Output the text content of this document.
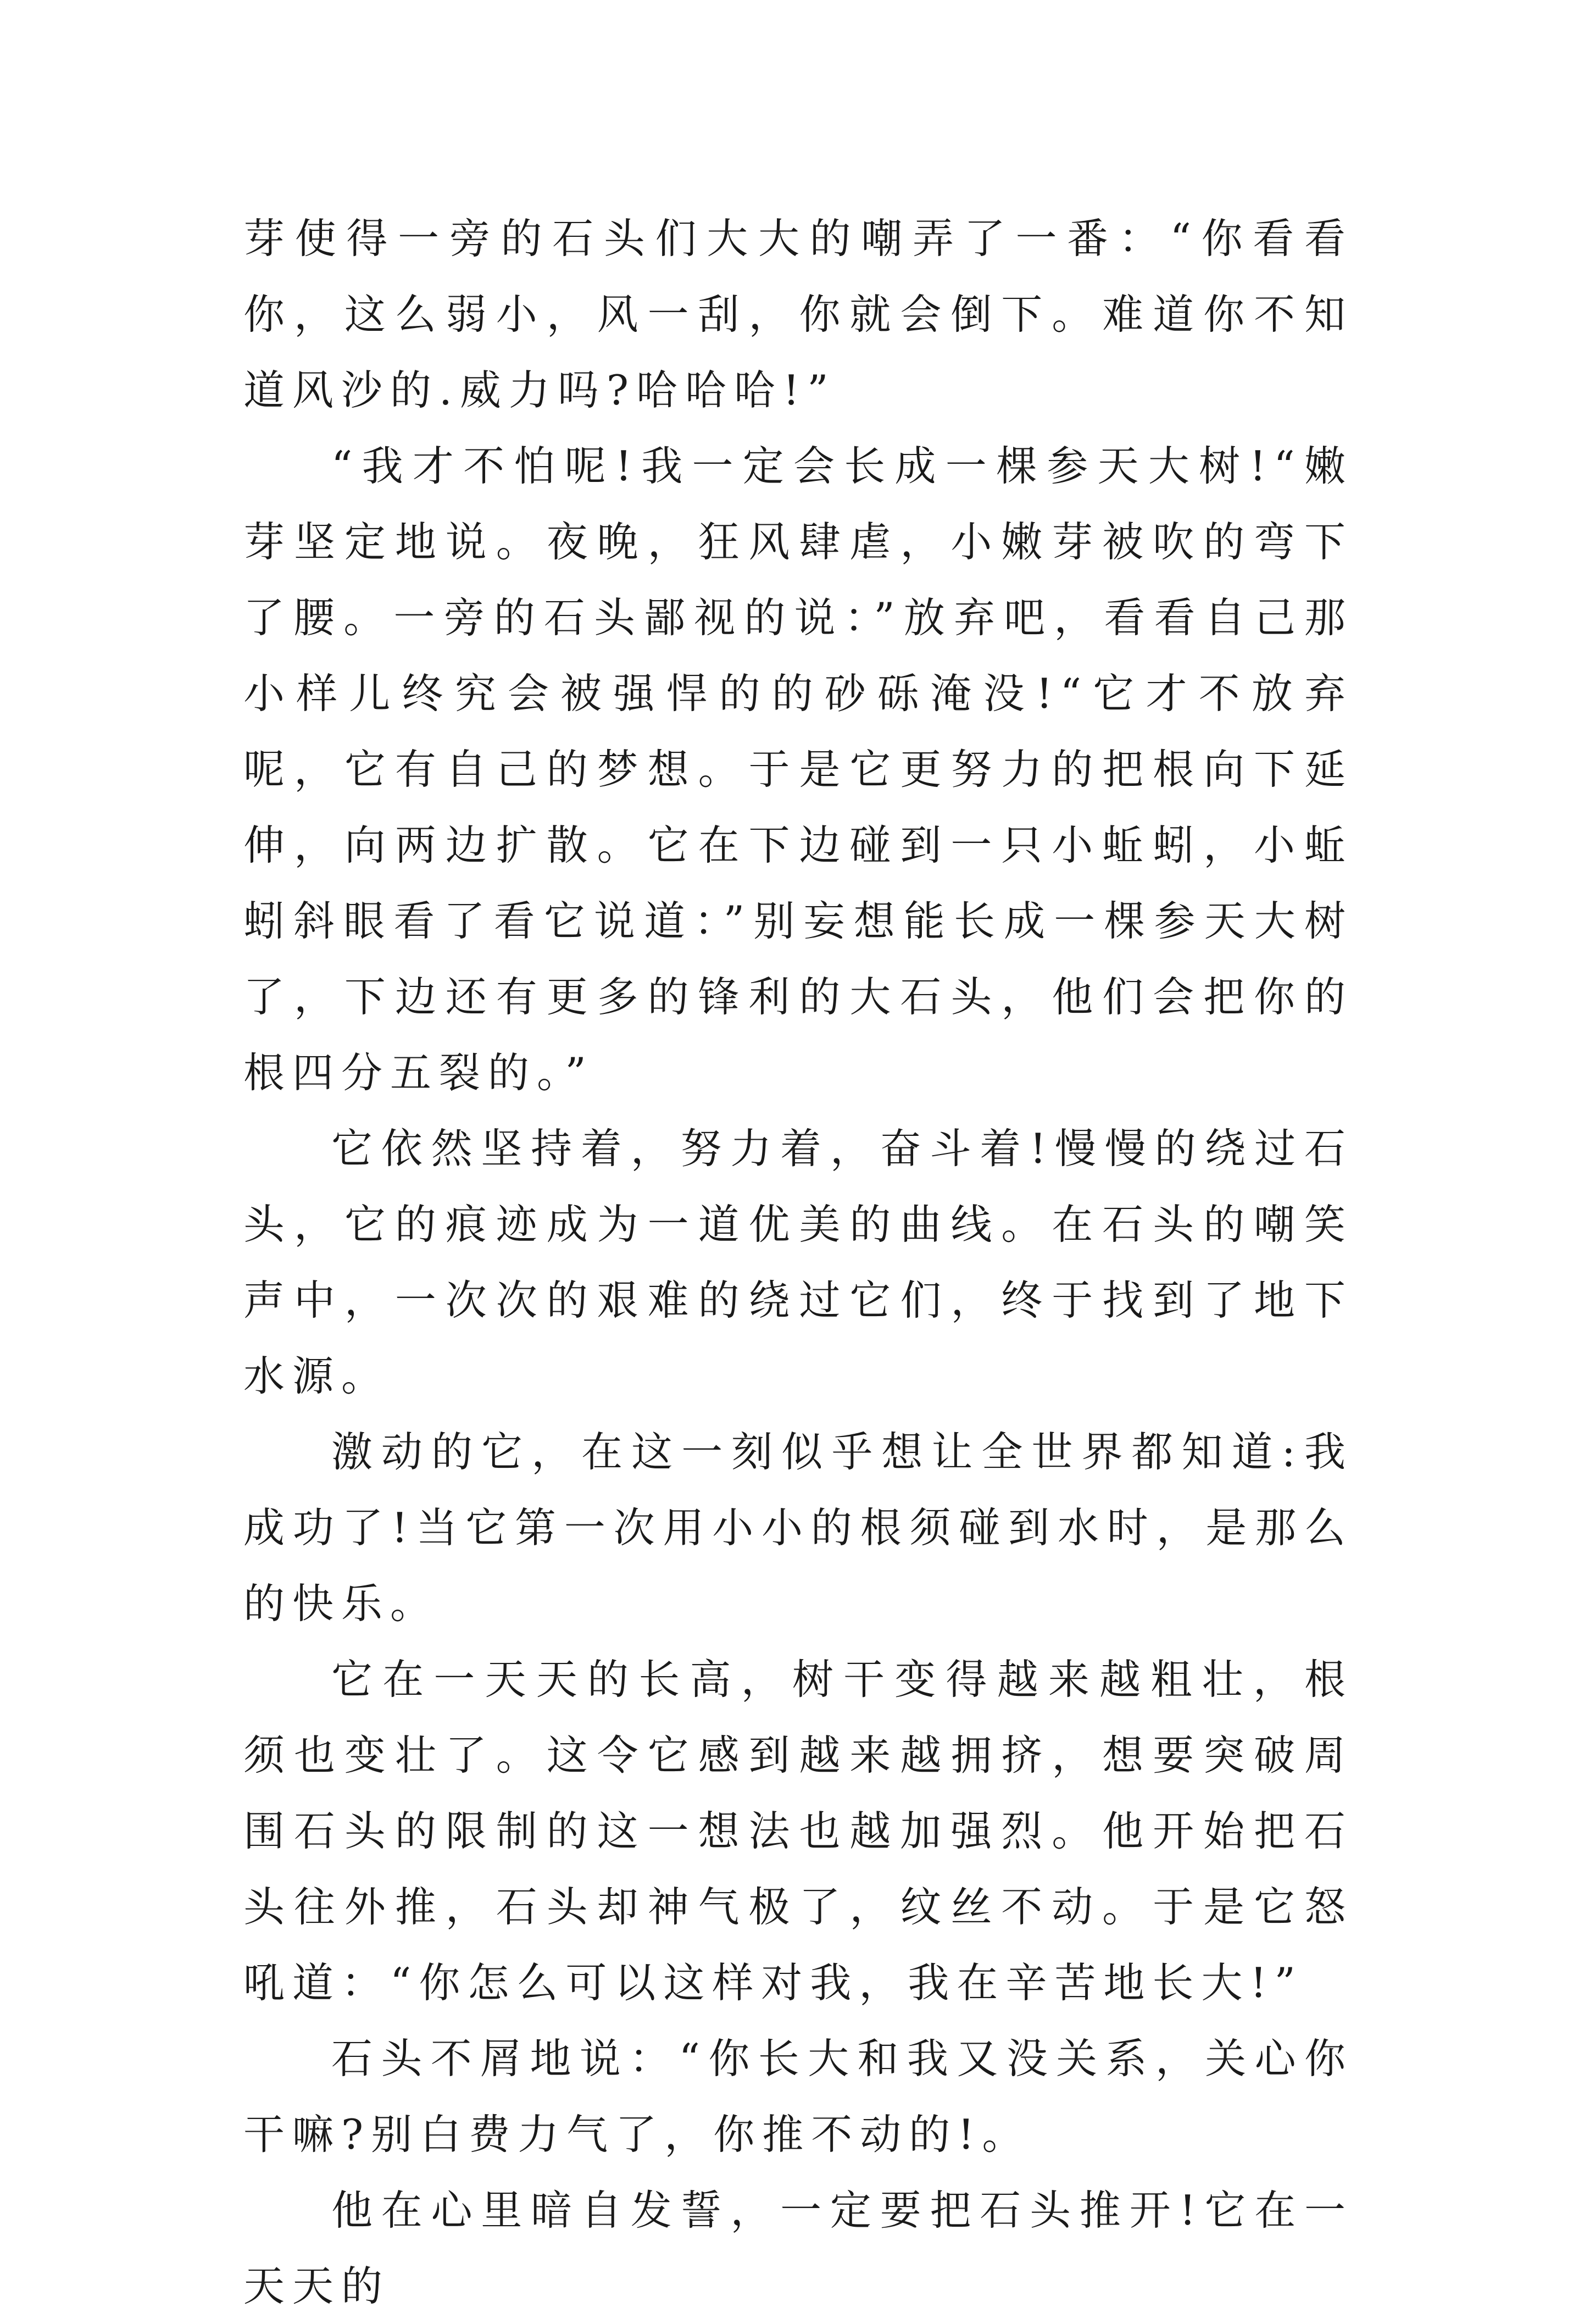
芽使得一旁的石头们大大的嘲弄了一番：“你看看你，这么弱小，风一刮，你就会倒下。难道你不知道风沙的.威力吗?哈哈哈!”

“我才不怕呢!我一定会长成一棵参天大树!“嫩芽坚定地说。夜晚，狂风肆虐，小嫩芽被吹的弯下了腰。一旁的石头鄙视的说：”放弃吧，看看自己那小样儿终究会被强悍的的砂砾淹没!“它才不放弃呢，它有自己的梦想。于是它更努力的把根向下延伸，向两边扩散。它在下边碰到一只小蚯蚓，小蚯蚓斜眼看了看它说道：”别妄想能长成一棵参天大树了，下边还有更多的锋利的大石头，他们会把你的根四分五裂的。”

它依然坚持着，努力着，奋斗着!慢慢的绕过石头，它的痕迹成为一道优美的曲线。在石头的嘲笑声中，一次次的艰难的绕过它们，终于找到了地下水源。

激动的它，在这一刻似乎想让全世界都知道:我成功了!当它第一次用小小的根须碰到水时，是那么的快乐。

它在一天天的长高，树干变得越来越粗壮，根须也变壮了。这令它感到越来越拥挤，想要突破周围石头的限制的这一想法也越加强烈。他开始把石头往外推，石头却神气极了，纹丝不动。于是它怒吼道：“你怎么可以这样对我，我在辛苦地长大!”

石头不屑地说：“你长大和我又没关系，关心你干嘛?别白费力气了，你推不动的!。

他在心里暗自发誓，一定要把石头推开!它在一天天的
